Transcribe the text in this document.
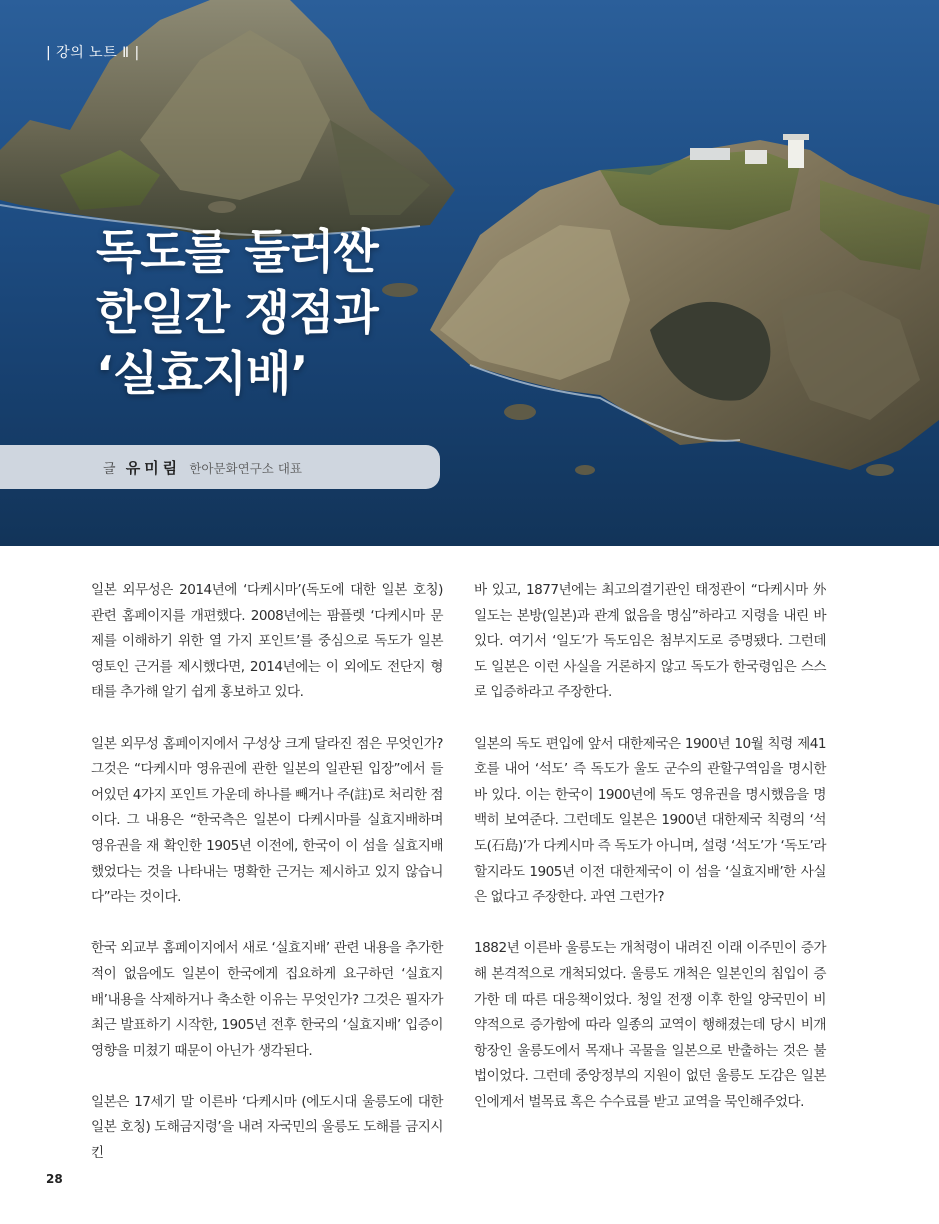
| 강의 노트 Ⅱ |
독도를 둘러싼
한일간 쟁점과
‘실효지배’
글 유미림 한아문화연구소 대표

일본 외무성은 2014년에 ‘다케시마’(독도에 대한 일본 호칭) 관련 홈페이지를 개편했다. 2008년에는 팜플렛 ‘다케시마 문제를 이해하기 위한 열 가지 포인트’를 중심으로 독도가 일본 영토인 근거를 제시했다면, 2014년에는 이 외에도 전단지 형태를 추가해 알기 쉽게 홍보하고 있다.

일본 외무성 홈페이지에서 구성상 크게 달라진 점은 무엇인가? 그것은 “다케시마 영유권에 관한 일본의 일관된 입장”에서 들어있던 4가지 포인트 가운데 하나를 빼거나 주(註)로 처리한 점이다. 그 내용은 “한국측은 일본이 다케시마를 실효지배하며 영유권을 재 확인한 1905년 이전에, 한국이 이 섬을 실효지배했었다는 것을 나타내는 명확한 근거는 제시하고 있지 않습니다”라는 것이다.

한국 외교부 홈페이지에서 새로 ‘실효지배’ 관련 내용을 추가한 적이 없음에도 일본이 한국에게 집요하게 요구하던 ‘실효지배’내용을 삭제하거나 축소한 이유는 무엇인가? 그것은 필자가 최근 발표하기 시작한, 1905년 전후 한국의 ‘실효지배’ 입증이 영향을 미쳤기 때문이 아닌가 생각된다.

일본은 17세기 말 이른바 ‘다케시마 (에도시대 울릉도에 대한 일본 호칭) 도해금지령’을 내려 자국민의 울릉도 도해를 금지시킨

바 있고, 1877년에는 최고의결기관인 태정관이 “다케시마 外 일도는 본방(일본)과 관계 없음을 명심”하라고 지령을 내린 바 있다. 여기서 ‘일도’가 독도임은 첨부지도로 증명됐다. 그런데도 일본은 이런 사실을 거론하지 않고 독도가 한국령임은 스스로 입증하라고 주장한다.

일본의 독도 편입에 앞서 대한제국은 1900년 10월 칙령 제41호를 내어 ‘석도’ 즉 독도가 울도 군수의 관할구역임을 명시한 바 있다. 이는 한국이 1900년에 독도 영유권을 명시했음을 명백히 보여준다. 그런데도 일본은 1900년 대한제국 칙령의 ‘석도(石島)’가 다케시마 즉 독도가 아니며, 설령 ‘석도’가 ‘독도’라 할지라도 1905년 이전 대한제국이 이 섬을 ‘실효지배’한 사실은 없다고 주장한다. 과연 그런가?

1882년 이른바 울릉도는 개척령이 내려진 이래 이주민이 증가해 본격적으로 개척되었다. 울릉도 개척은 일본인의 침입이 증가한 데 따른 대응책이었다. 청일 전쟁 이후 한일 양국민이 비약적으로 증가함에 따라 일종의 교역이 행해졌는데 당시 비개항장인 울릉도에서 목재나 곡물을 일본으로 반출하는 것은 불법이었다. 그런데 중앙정부의 지원이 없던 울릉도 도감은 일본인에게서 벌목료 혹은 수수료를 받고 교역을 묵인해주었다.

28
